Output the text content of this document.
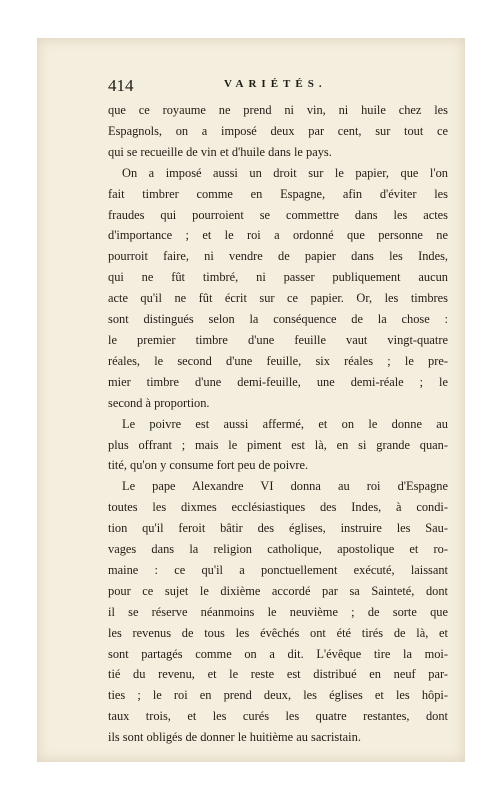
414	VARIÉTÉS.
que ce royaume ne prend ni vin, ni huile chez les
Espagnols, on a imposé deux par cent, sur tout ce
qui se recueille de vin et d'huile dans le pays.
On a imposé aussi un droit sur le papier, que l'on
fait timbrer comme en Espagne, afin d'éviter les
fraudes qui pourroient se commettre dans les actes
d'importance ; et le roi a ordonné que personne ne
pourroit faire, ni vendre de papier dans les Indes,
qui ne fût timbré, ni passer publiquement aucun
acte qu'il ne fût écrit sur ce papier. Or, les timbres
sont distingués selon la conséquence de la chose :
le premier timbre d'une feuille vaut vingt-quatre
réales, le second d'une feuille, six réales ; le pre-
mier timbre d'une demi-feuille, une demi-réale ; le
second à proportion.
Le poivre est aussi affermé, et on le donne au
plus offrant ; mais le piment est là, en si grande quan-
tité, qu'on y consume fort peu de poivre.
Le pape Alexandre VI donna au roi d'Espagne
toutes les dixmes ecclésiastiques des Indes, à condi-
tion qu'il feroit bâtir des églises, instruire les Sau-
vages dans la religion catholique, apostolique et ro-
maine : ce qu'il a ponctuellement exécuté, laissant
pour ce sujet le dixième accordé par sa Sainteté, dont
il se réserve néanmoins le neuvième ; de sorte que
les revenus de tous les évêchés ont été tirés de là, et
sont partagés comme on a dit. L'évêque tire la moi-
tié du revenu, et le reste est distribué en neuf par-
ties ; le roi en prend deux, les églises et les hôpi-
taux trois, et les curés les quatre restantes, dont
ils sont obligés de donner le huitième au sacristain.
